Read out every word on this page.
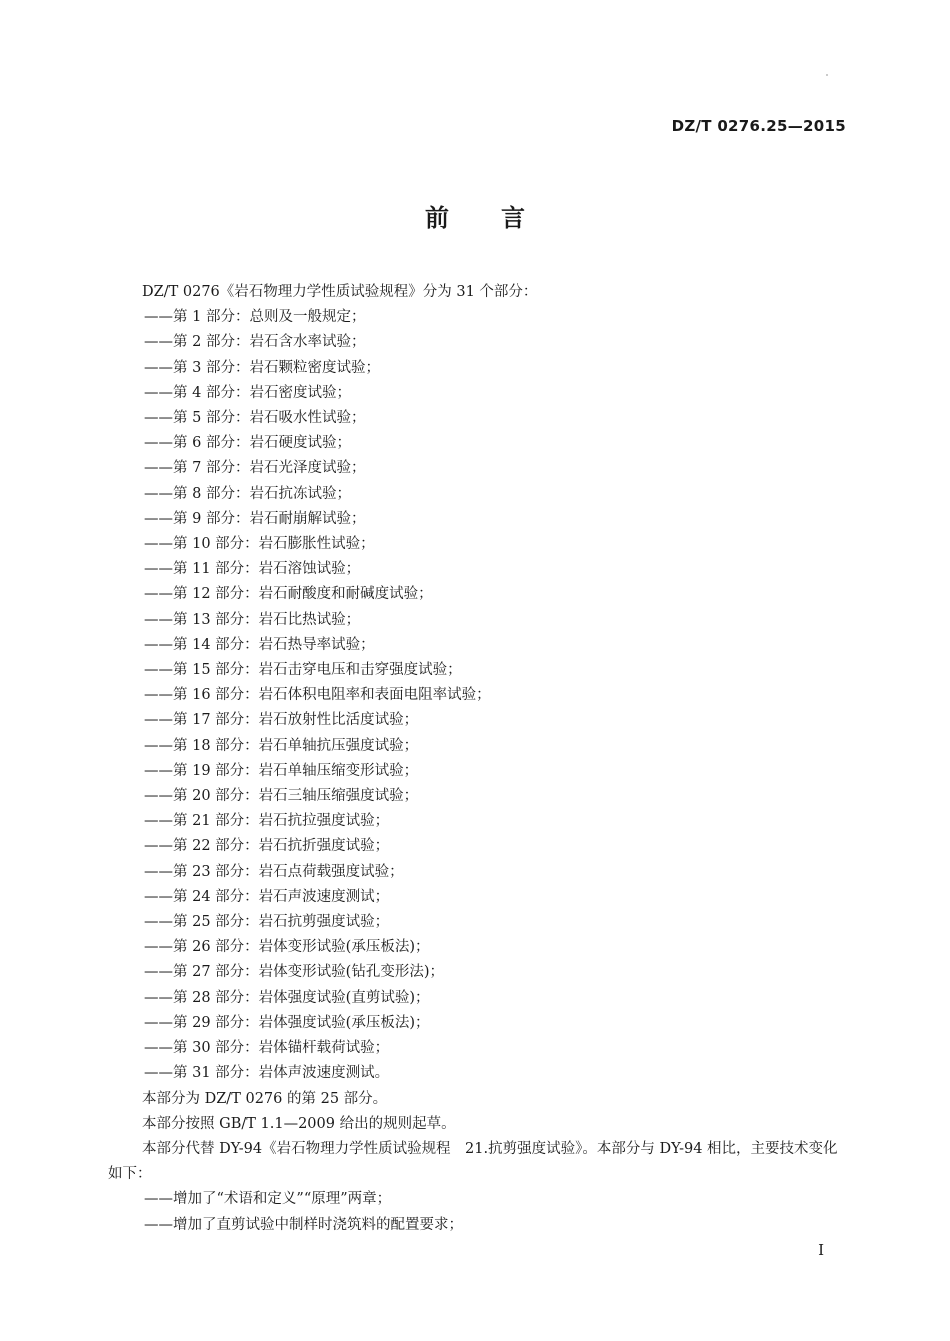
DZ/T 0276.25—2015
前言
DZ/T 0276《岩石物理力学性质试验规程》分为 31 个部分：
——第 1 部分：总则及一般规定；
——第 2 部分：岩石含水率试验；
——第 3 部分：岩石颗粒密度试验；
——第 4 部分：岩石密度试验；
——第 5 部分：岩石吸水性试验；
——第 6 部分：岩石硬度试验；
——第 7 部分：岩石光泽度试验；
——第 8 部分：岩石抗冻试验；
——第 9 部分：岩石耐崩解试验；
——第 10 部分：岩石膨胀性试验；
——第 11 部分：岩石溶蚀试验；
——第 12 部分：岩石耐酸度和耐碱度试验；
——第 13 部分：岩石比热试验；
——第 14 部分：岩石热导率试验；
——第 15 部分：岩石击穿电压和击穿强度试验；
——第 16 部分：岩石体积电阻率和表面电阻率试验；
——第 17 部分：岩石放射性比活度试验；
——第 18 部分：岩石单轴抗压强度试验；
——第 19 部分：岩石单轴压缩变形试验；
——第 20 部分：岩石三轴压缩强度试验；
——第 21 部分：岩石抗拉强度试验；
——第 22 部分：岩石抗折强度试验；
——第 23 部分：岩石点荷载强度试验；
——第 24 部分：岩石声波速度测试；
——第 25 部分：岩石抗剪强度试验；
——第 26 部分：岩体变形试验(承压板法)；
——第 27 部分：岩体变形试验(钻孔变形法)；
——第 28 部分：岩体强度试验(直剪试验)；
——第 29 部分：岩体强度试验(承压板法)；
——第 30 部分：岩体锚杆载荷试验；
——第 31 部分：岩体声波速度测试。
本部分为 DZ/T 0276 的第 25 部分。
本部分按照 GB/T 1.1—2009 给出的规则起草。
本部分代替 DY-94《岩石物理力学性质试验规程　21.抗剪强度试验》。本部分与 DY-94 相比，主要技术变化如下：
——增加了“术语和定义”“原理”两章；
——增加了直剪试验中制样时浇筑料的配置要求；
I
